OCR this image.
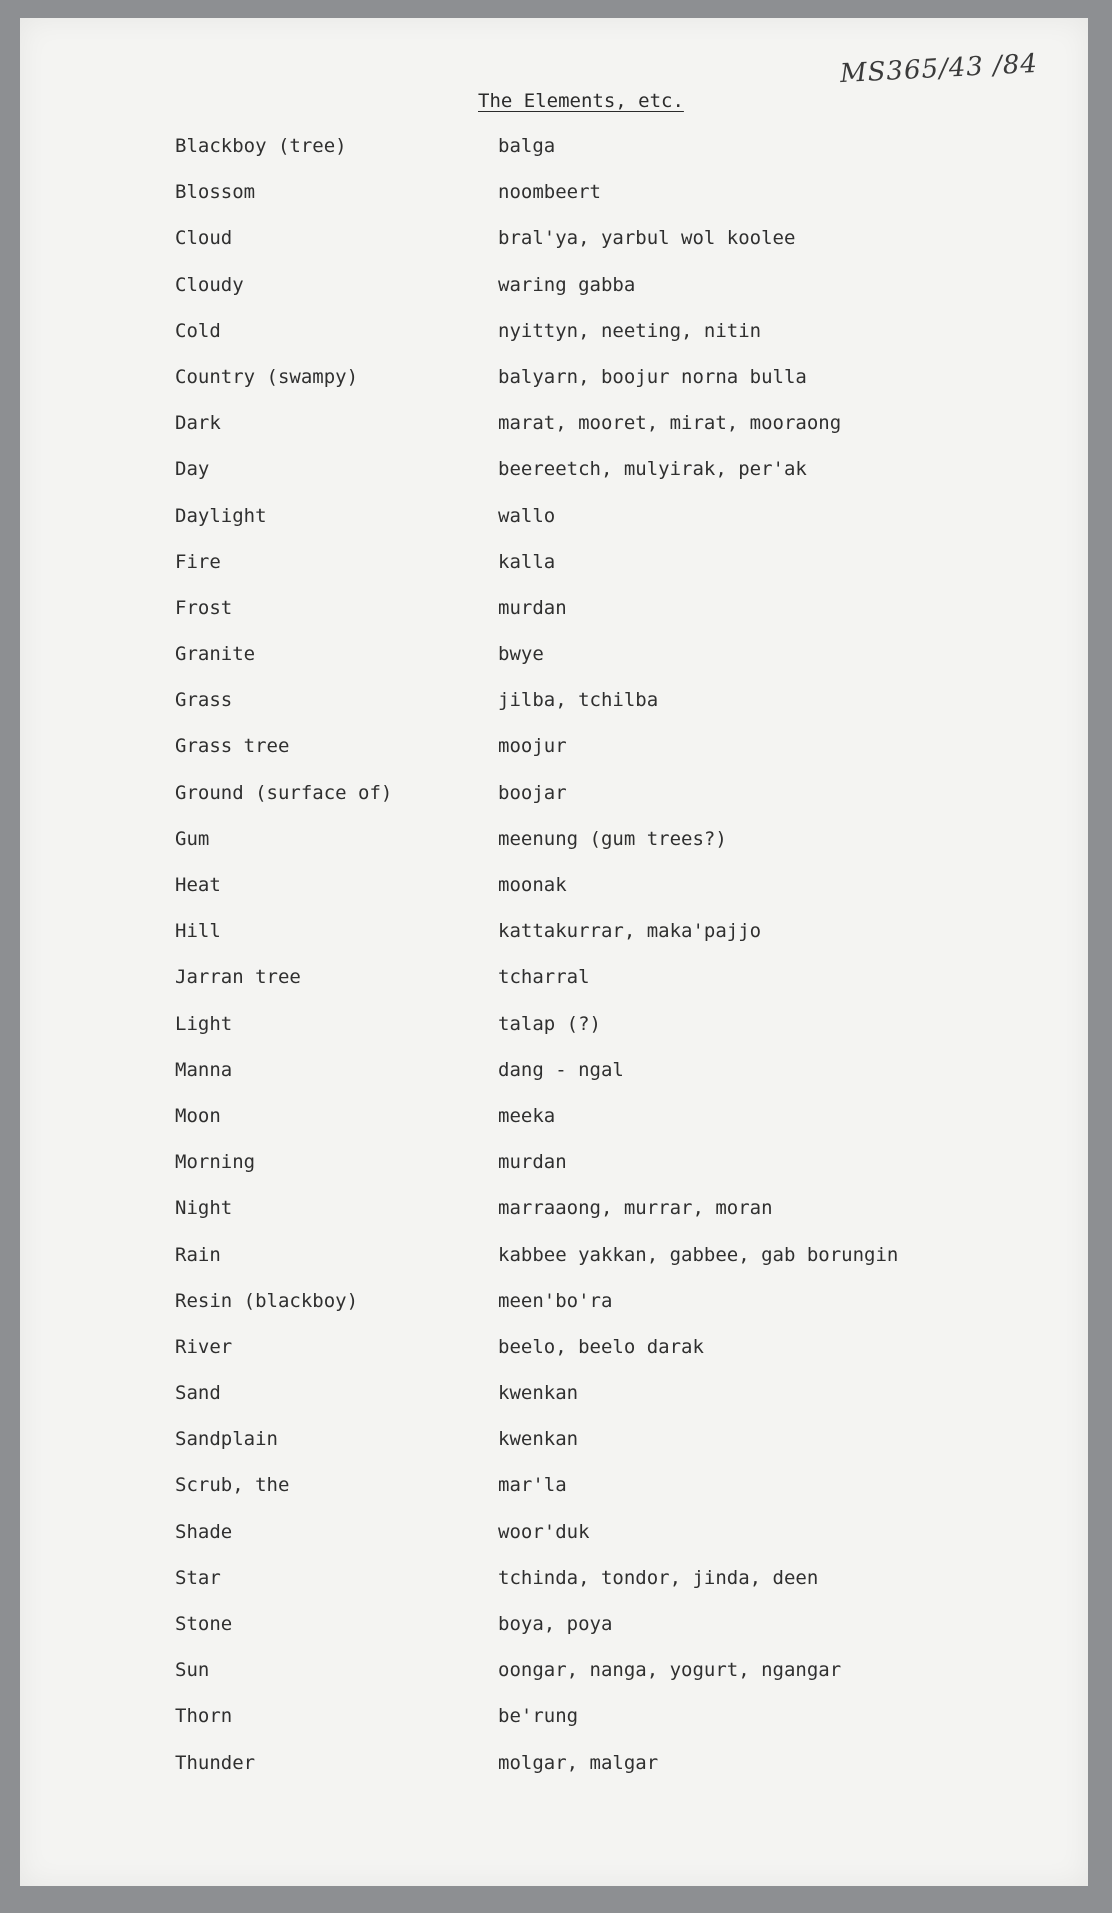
MS365/43 /84
The Elements, etc.
Blackboy (tree)	balga
Blossom	noombeert
Cloud	bral'ya, yarbul wol koolee
Cloudy	waring gabba
Cold	nyittyn, neeting, nitin
Country (swampy)	balyarn, boojur norna bulla
Dark	marat, mooret, mirat, mooraong
Day	beereetch, mulyirak, per'ak
Daylight	wallo
Fire	kalla
Frost	murdan
Granite	bwye
Grass	jilba, tchilba
Grass tree	moojur
Ground (surface of)	boojar
Gum	meenung (gum trees?)
Heat	moonak
Hill	kattakurrar, maka'pajjo
Jarran tree	tcharral
Light	talap (?)
Manna	dang - ngal
Moon	meeka
Morning	murdan
Night	marraaong, murrar, moran
Rain	kabbee yakkan, gabbee, gab borungin
Resin (blackboy)	meen'bo'ra
River	beelo, beelo darak
Sand	kwenkan
Sandplain	kwenkan
Scrub, the	mar'la
Shade	woor'duk
Star	tchinda, tondor, jinda, deen
Stone	boya, poya
Sun	oongar, nanga, yogurt, ngangar
Thorn	be'rung
Thunder	molgar, malgar
